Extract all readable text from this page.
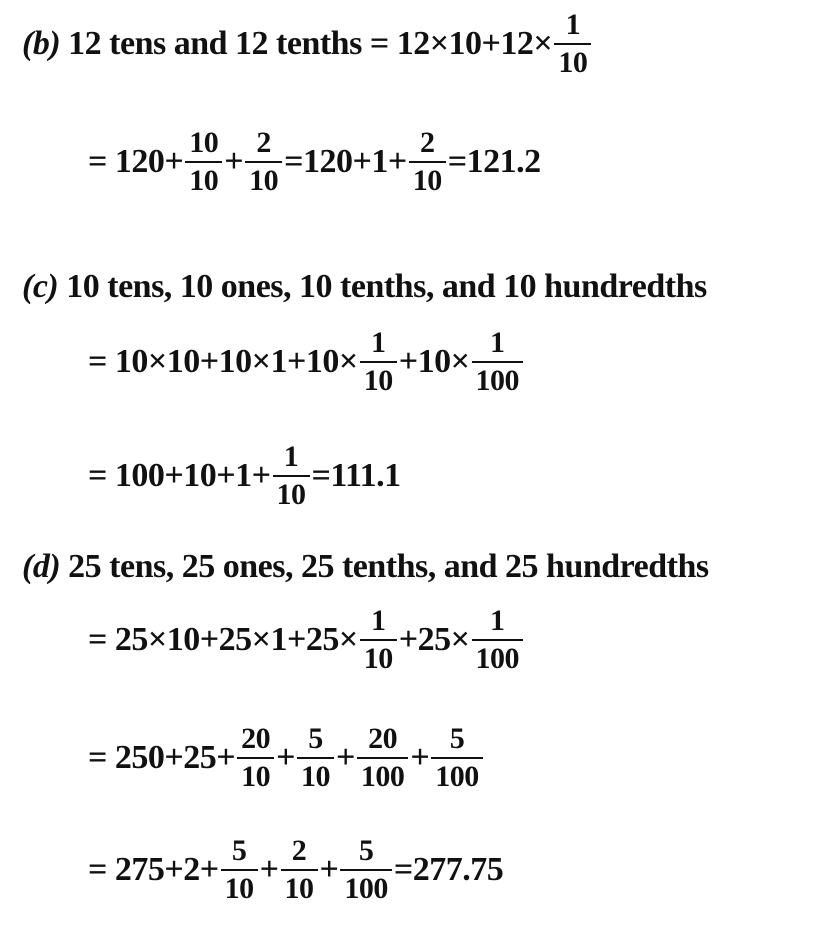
(b) 12 tens and 12 tenths = $12\times 10+12\times \frac{1}{10}$
= $120+ \frac{10}{10} + \frac{2}{10} =120+1+ \frac{2}{10} =121.2$
(c) 10 tens, 10 ones, 10 tenths, and 10 hundredths
= $10\times 10+10\times 1+10\times \frac{1}{10} +10\times \frac{1}{100}$
= $100+10+1+ \frac{1}{10} =111.1$
(d) 25 tens, 25 ones, 25 tenths, and 25 hundredths
= $25\times 10+25\times 1+25\times \frac{1}{10} +25\times \frac{1}{100}$
= $250+25+ \frac{20}{10} + \frac{5}{10} + \frac{20}{100} + \frac{5}{100}$
= $275+2+ \frac{5}{10} + \frac{2}{10} + \frac{5}{100} =277.75$
